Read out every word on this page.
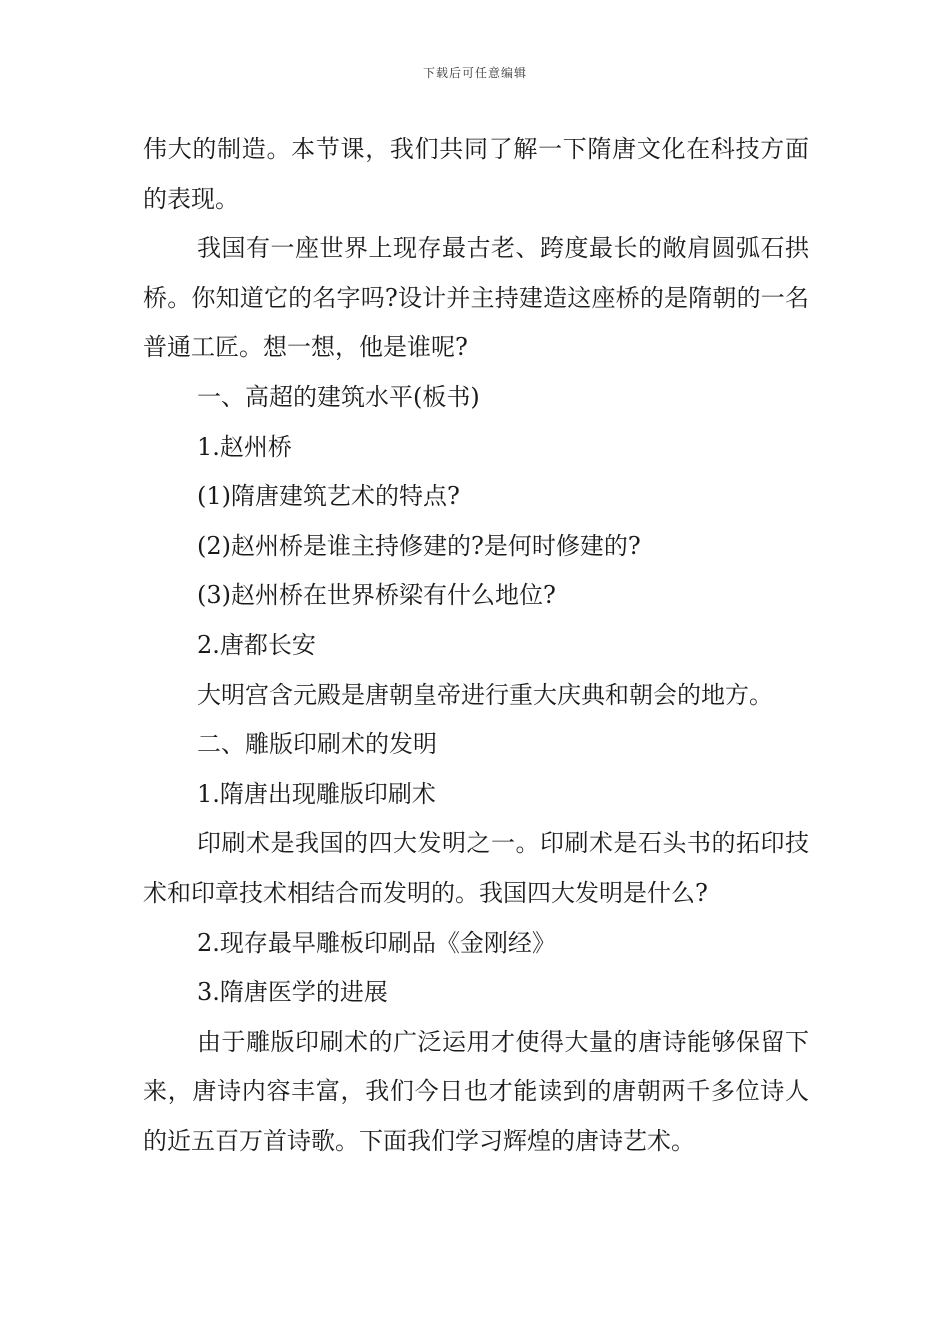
下载后可任意编辑

伟大的制造。本节课，我们共同了解一下隋唐文化在科技方面的表现。

我国有一座世界上现存最古老、跨度最长的敞肩圆弧石拱桥。你知道它的名字吗?设计并主持建造这座桥的是隋朝的一名普通工匠。想一想，他是谁呢?

一、高超的建筑水平(板书)

1.赵州桥

(1)隋唐建筑艺术的特点?

(2)赵州桥是谁主持修建的?是何时修建的?

(3)赵州桥在世界桥梁有什么地位?

2.唐都长安

大明宫含元殿是唐朝皇帝进行重大庆典和朝会的地方。

二、雕版印刷术的发明

1.隋唐出现雕版印刷术

印刷术是我国的四大发明之一。印刷术是石头书的拓印技术和印章技术相结合而发明的。我国四大发明是什么?

2.现存最早雕板印刷品《金刚经》

3.隋唐医学的进展

由于雕版印刷术的广泛运用才使得大量的唐诗能够保留下来，唐诗内容丰富，我们今日也才能读到的唐朝两千多位诗人的近五百万首诗歌。下面我们学习辉煌的唐诗艺术。
